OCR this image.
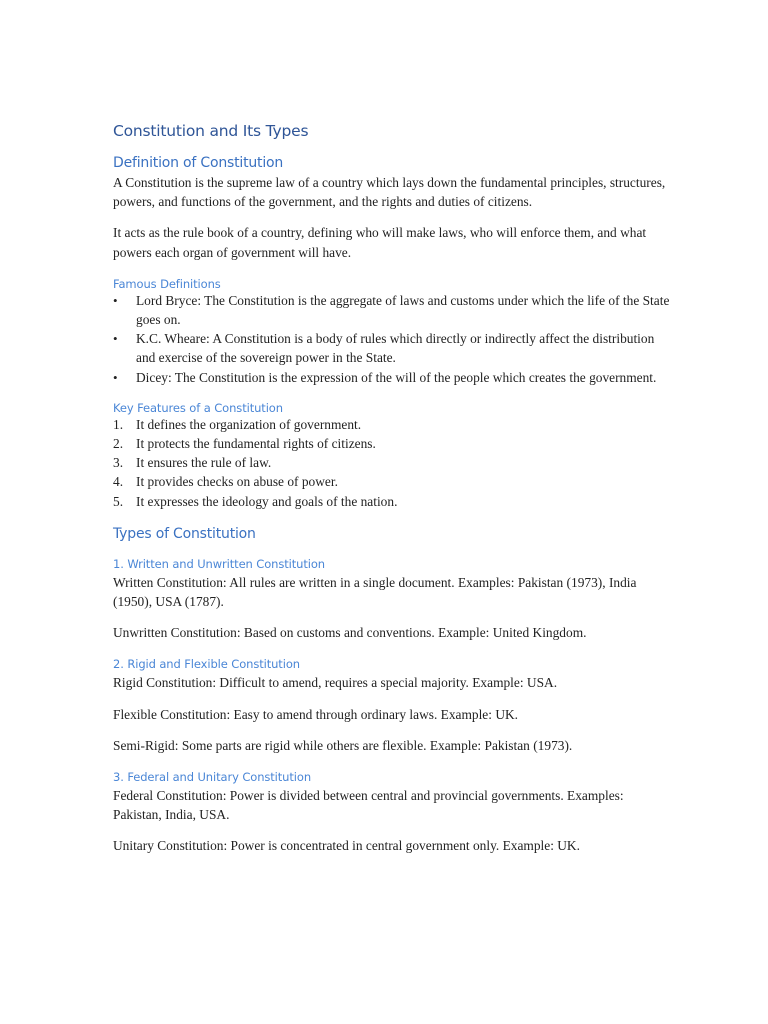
Constitution and Its Types
Definition of Constitution

A Constitution is the supreme law of a country which lays down the fundamental principles, structures, powers, and functions of the government, and the rights and duties of citizens.

It acts as the rule book of a country, defining who will make laws, who will enforce them, and what powers each organ of government will have.

Famous Definitions
•	Lord Bryce: The Constitution is the aggregate of laws and customs under which the life of the State goes on.
•	K.C. Wheare: A Constitution is a body of rules which directly or indirectly affect the distribution and exercise of the sovereign power in the State.
•	Dicey: The Constitution is the expression of the will of the people which creates the government.
Key Features of a Constitution
1. It defines the organization of government.
2. It protects the fundamental rights of citizens.
3. It ensures the rule of law.
4. It provides checks on abuse of power.
5. It expresses the ideology and goals of the nation.
Types of Constitution
1. Written and Unwritten Constitution

Written Constitution: All rules are written in a single document. Examples: Pakistan (1973), India (1950), USA (1787).

Unwritten Constitution: Based on customs and conventions. Example: United Kingdom.

2. Rigid and Flexible Constitution

Rigid Constitution: Difficult to amend, requires a special majority. Example: USA.

Flexible Constitution: Easy to amend through ordinary laws. Example: UK.

Semi-Rigid: Some parts are rigid while others are flexible. Example: Pakistan (1973).

3. Federal and Unitary Constitution

Federal Constitution: Power is divided between central and provincial governments. Examples: Pakistan, India, USA.

Unitary Constitution: Power is concentrated in central government only. Example: UK.
